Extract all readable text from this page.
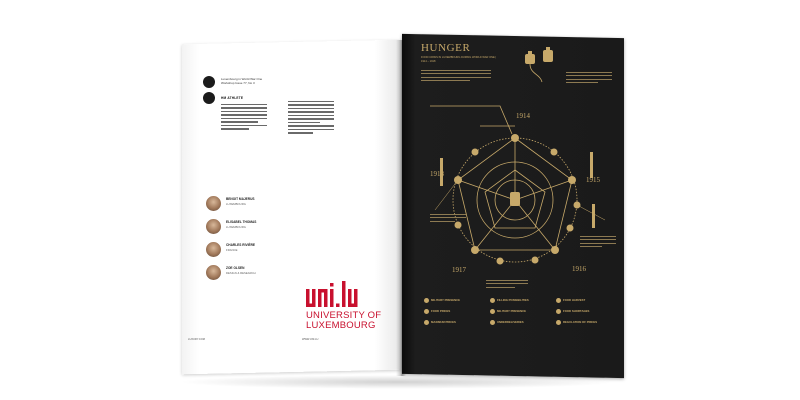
Luxembourg in World War One
Workshop Issue 77, No 3
HM ATHLETE
BENOIT MAJERUS
LUXEMBOURG
ELISABEL THOMAS
LUXEMBOURG
CHARLES RIVIÈRE
FRANCE
ZOE OLSEN
DESIGN & RESEARCH
UNIVERSITY OF
LUXEMBOURG
LUXURY.COM	WWW.UNI.LU
HUNGER
FOOD CRISIS IN LUXEMBOURG DURING WORLD WAR ONE | 1914 – 1918
1914
1915
1916
1917
1918
MILITARY PRESENCE	FILLING POSSIBILITIES	FOOD HARVEST
FOOD PRICES	MILITARY PRESENCE	FOOD SHORTAGES
MAXIMUM PRICES	UNDERDELIVERIES	REGULATION OF PRICES
